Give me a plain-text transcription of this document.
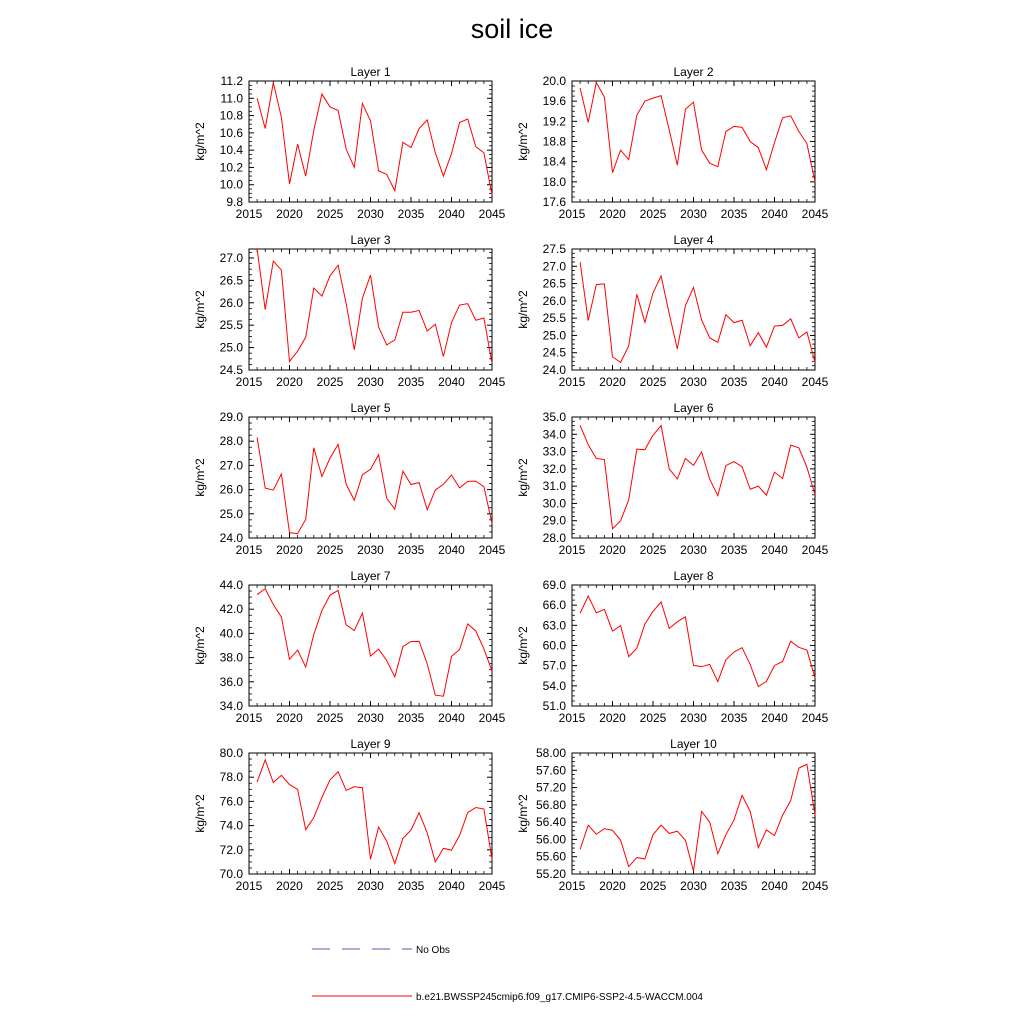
soil ice
Layer 1
kg/m^2
2015 2020 2025 2030 2035 2040 2045
9.8
10.0
10.2
10.4
10.6
10.8
11.0
11.2
Layer 2
kg/m^2
2015 2020 2025 2030 2035 2040 2045
17.6
18.0
18.4
18.8
19.2
19.6
20.0
Layer 3
kg/m^2
2015 2020 2025 2030 2035 2040 2045
24.5
25.0
25.5
26.0
26.5
27.0
Layer 4
kg/m^2
2015 2020 2025 2030 2035 2040 2045
24.0
24.5
25.0
25.5
26.0
26.5
27.0
27.5
Layer 5
kg/m^2
2015 2020 2025 2030 2035 2040 2045
24.0
25.0
26.0
27.0
28.0
29.0
Layer 6
kg/m^2
2015 2020 2025 2030 2035 2040 2045
28.0
29.0
30.0
31.0
32.0
33.0
34.0
35.0
Layer 7
kg/m^2
2015 2020 2025 2030 2035 2040 2045
34.0
36.0
38.0
40.0
42.0
44.0
Layer 8
kg/m^2
2015 2020 2025 2030 2035 2040 2045
51.0
54.0
57.0
60.0
63.0
66.0
69.0
Layer 9
kg/m^2
2015 2020 2025 2030 2035 2040 2045
70.0
72.0
74.0
76.0
78.0
80.0
Layer 10
kg/m^2
2015 2020 2025 2030 2035 2040 2045
55.20
55.60
56.00
56.40
56.80
57.20
57.60
58.00
No Obs
b.e21.BWSSP245cmip6.f09_g17.CMIP6-SSP2-4.5-WACCM.004
